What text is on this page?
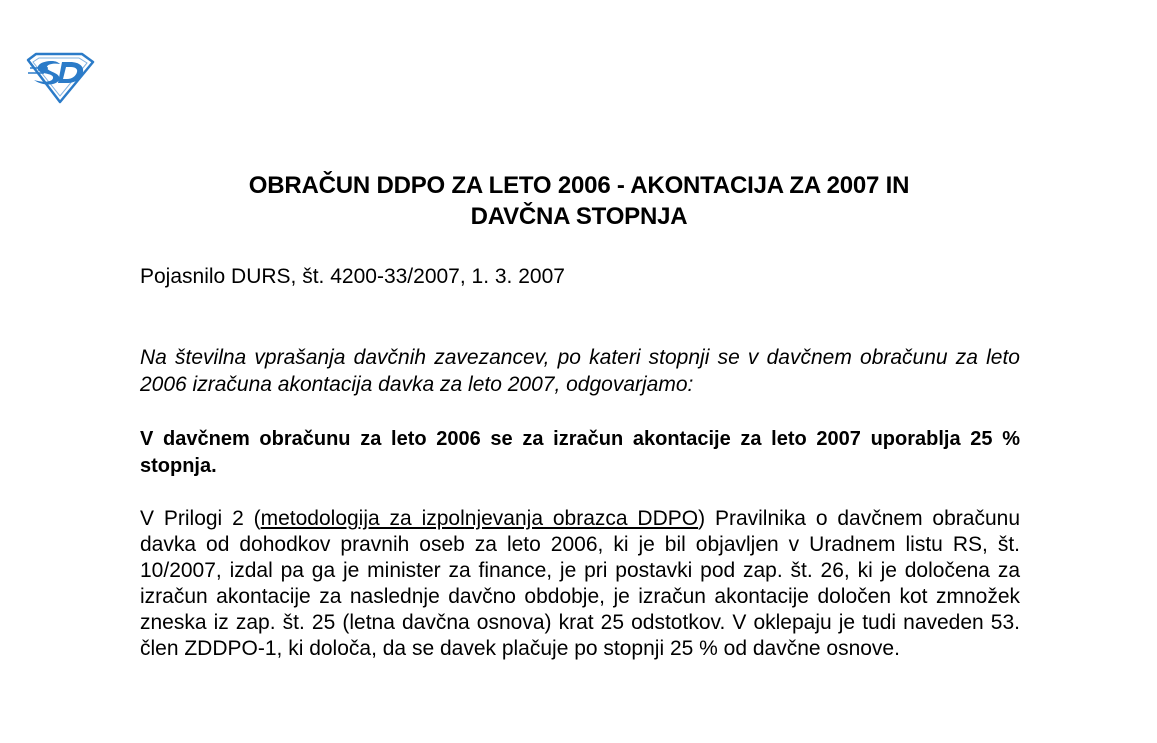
OBRAČUN DDPO ZA LETO 2006 - AKONTACIJA ZA 2007 IN
DAVČNA STOPNJA
Pojasnilo DURS, št. 4200-33/2007, 1. 3. 2007
Na številna vprašanja davčnih zavezancev, po kateri stopnji se v davčnem obračunu za leto 2006 izračuna akontacija davka za leto 2007, odgovarjamo:
V davčnem obračunu za leto 2006 se za izračun akontacije za leto 2007 uporablja 25 % stopnja.
V Prilogi 2 (metodologija za izpolnjevanja obrazca DDPO) Pravilnika o davčnem obračunu davka od dohodkov pravnih oseb za leto 2006, ki je bil objavljen v Uradnem listu RS, št. 10/2007, izdal pa ga je minister za finance, je pri postavki pod zap. št. 26, ki je določena za izračun akontacije za naslednje davčno obdobje, je izračun akontacije določen kot zmnožek zneska iz zap. št. 25 (letna davčna osnova) krat 25 odstotkov. V oklepaju je tudi naveden 53. člen ZDDPO-1, ki določa, da se davek plačuje po stopnji 25 % od davčne osnove.
